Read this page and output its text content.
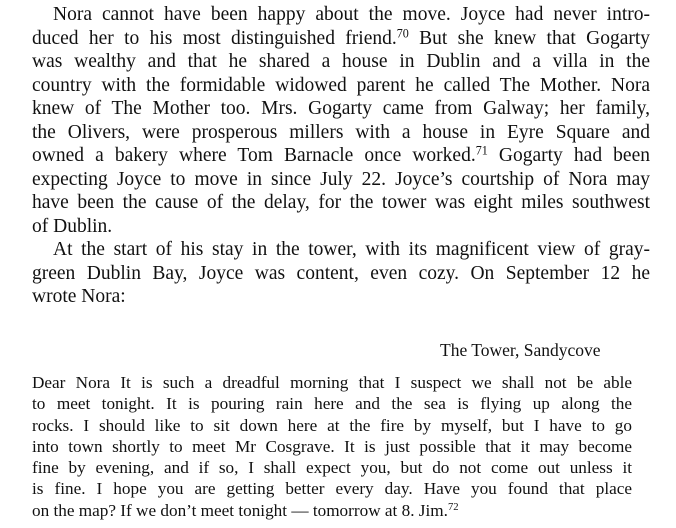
Nora cannot have been happy about the move. Joyce had never intro-
duced her to his most distinguished friend.$^{70}$ But she knew that Gogarty
was wealthy and that he shared a house in Dublin and a villa in the
country with the formidable widowed parent he called The Mother. Nora
knew of The Mother too. Mrs. Gogarty came from Galway; her family,
the Olivers, were prosperous millers with a house in Eyre Square and
owned a bakery where Tom Barnacle once worked.$^{71}$ Gogarty had been
expecting Joyce to move in since July 22. Joyce’s courtship of Nora may
have been the cause of the delay, for the tower was eight miles southwest
of Dublin.
At the start of his stay in the tower, with its magnificent view of gray-
green Dublin Bay, Joyce was content, even cozy. On September 12 he
wrote Nora:
The Tower, Sandycove
Dear Nora It is such a dreadful morning that I suspect we shall not be able
to meet tonight. It is pouring rain here and the sea is flying up along the
rocks. I should like to sit down here at the fire by myself, but I have to go
into town shortly to meet Mr Cosgrave. It is just possible that it may become
fine by evening, and if so, I shall expect you, but do not come out unless it
is fine. I hope you are getting better every day. Have you found that place
on the map? If we don’t meet tonight — tomorrow at 8. Jim.$^{72}$
